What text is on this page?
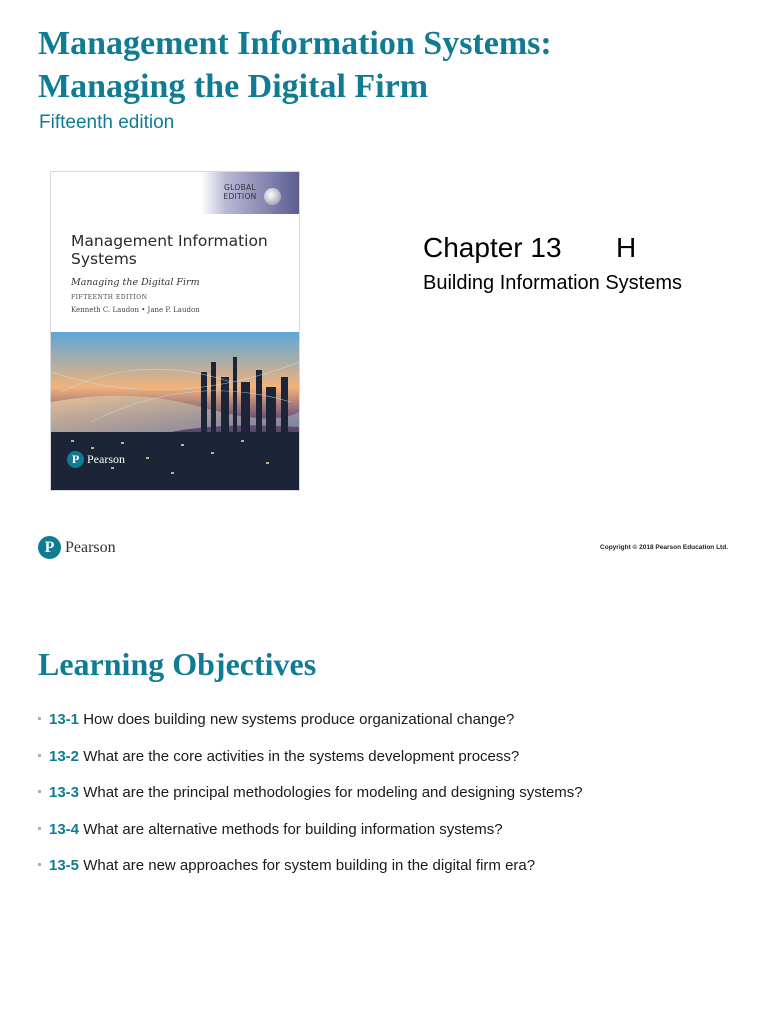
Management Information Systems:
Managing the Digital Firm
Fifteenth edition
GLOBAL
EDITION
Management Information
Systems
Managing the Digital Firm
FIFTEENTH EDITION
Kenneth C. Laudon • Jane P. Laudon
P Pearson
Chapter 13       H
Building Information Systems
P Pearson	Copyright © 2018 Pearson Education Ltd.
Learning Objectives
13-1 How does building new systems produce organizational change?
13-2 What are the core activities in the systems development process?
13-3 What are the principal methodologies for modeling and designing systems?
13-4 What are alternative methods for building information systems?
13-5 What are new approaches for system building in the digital firm era?
